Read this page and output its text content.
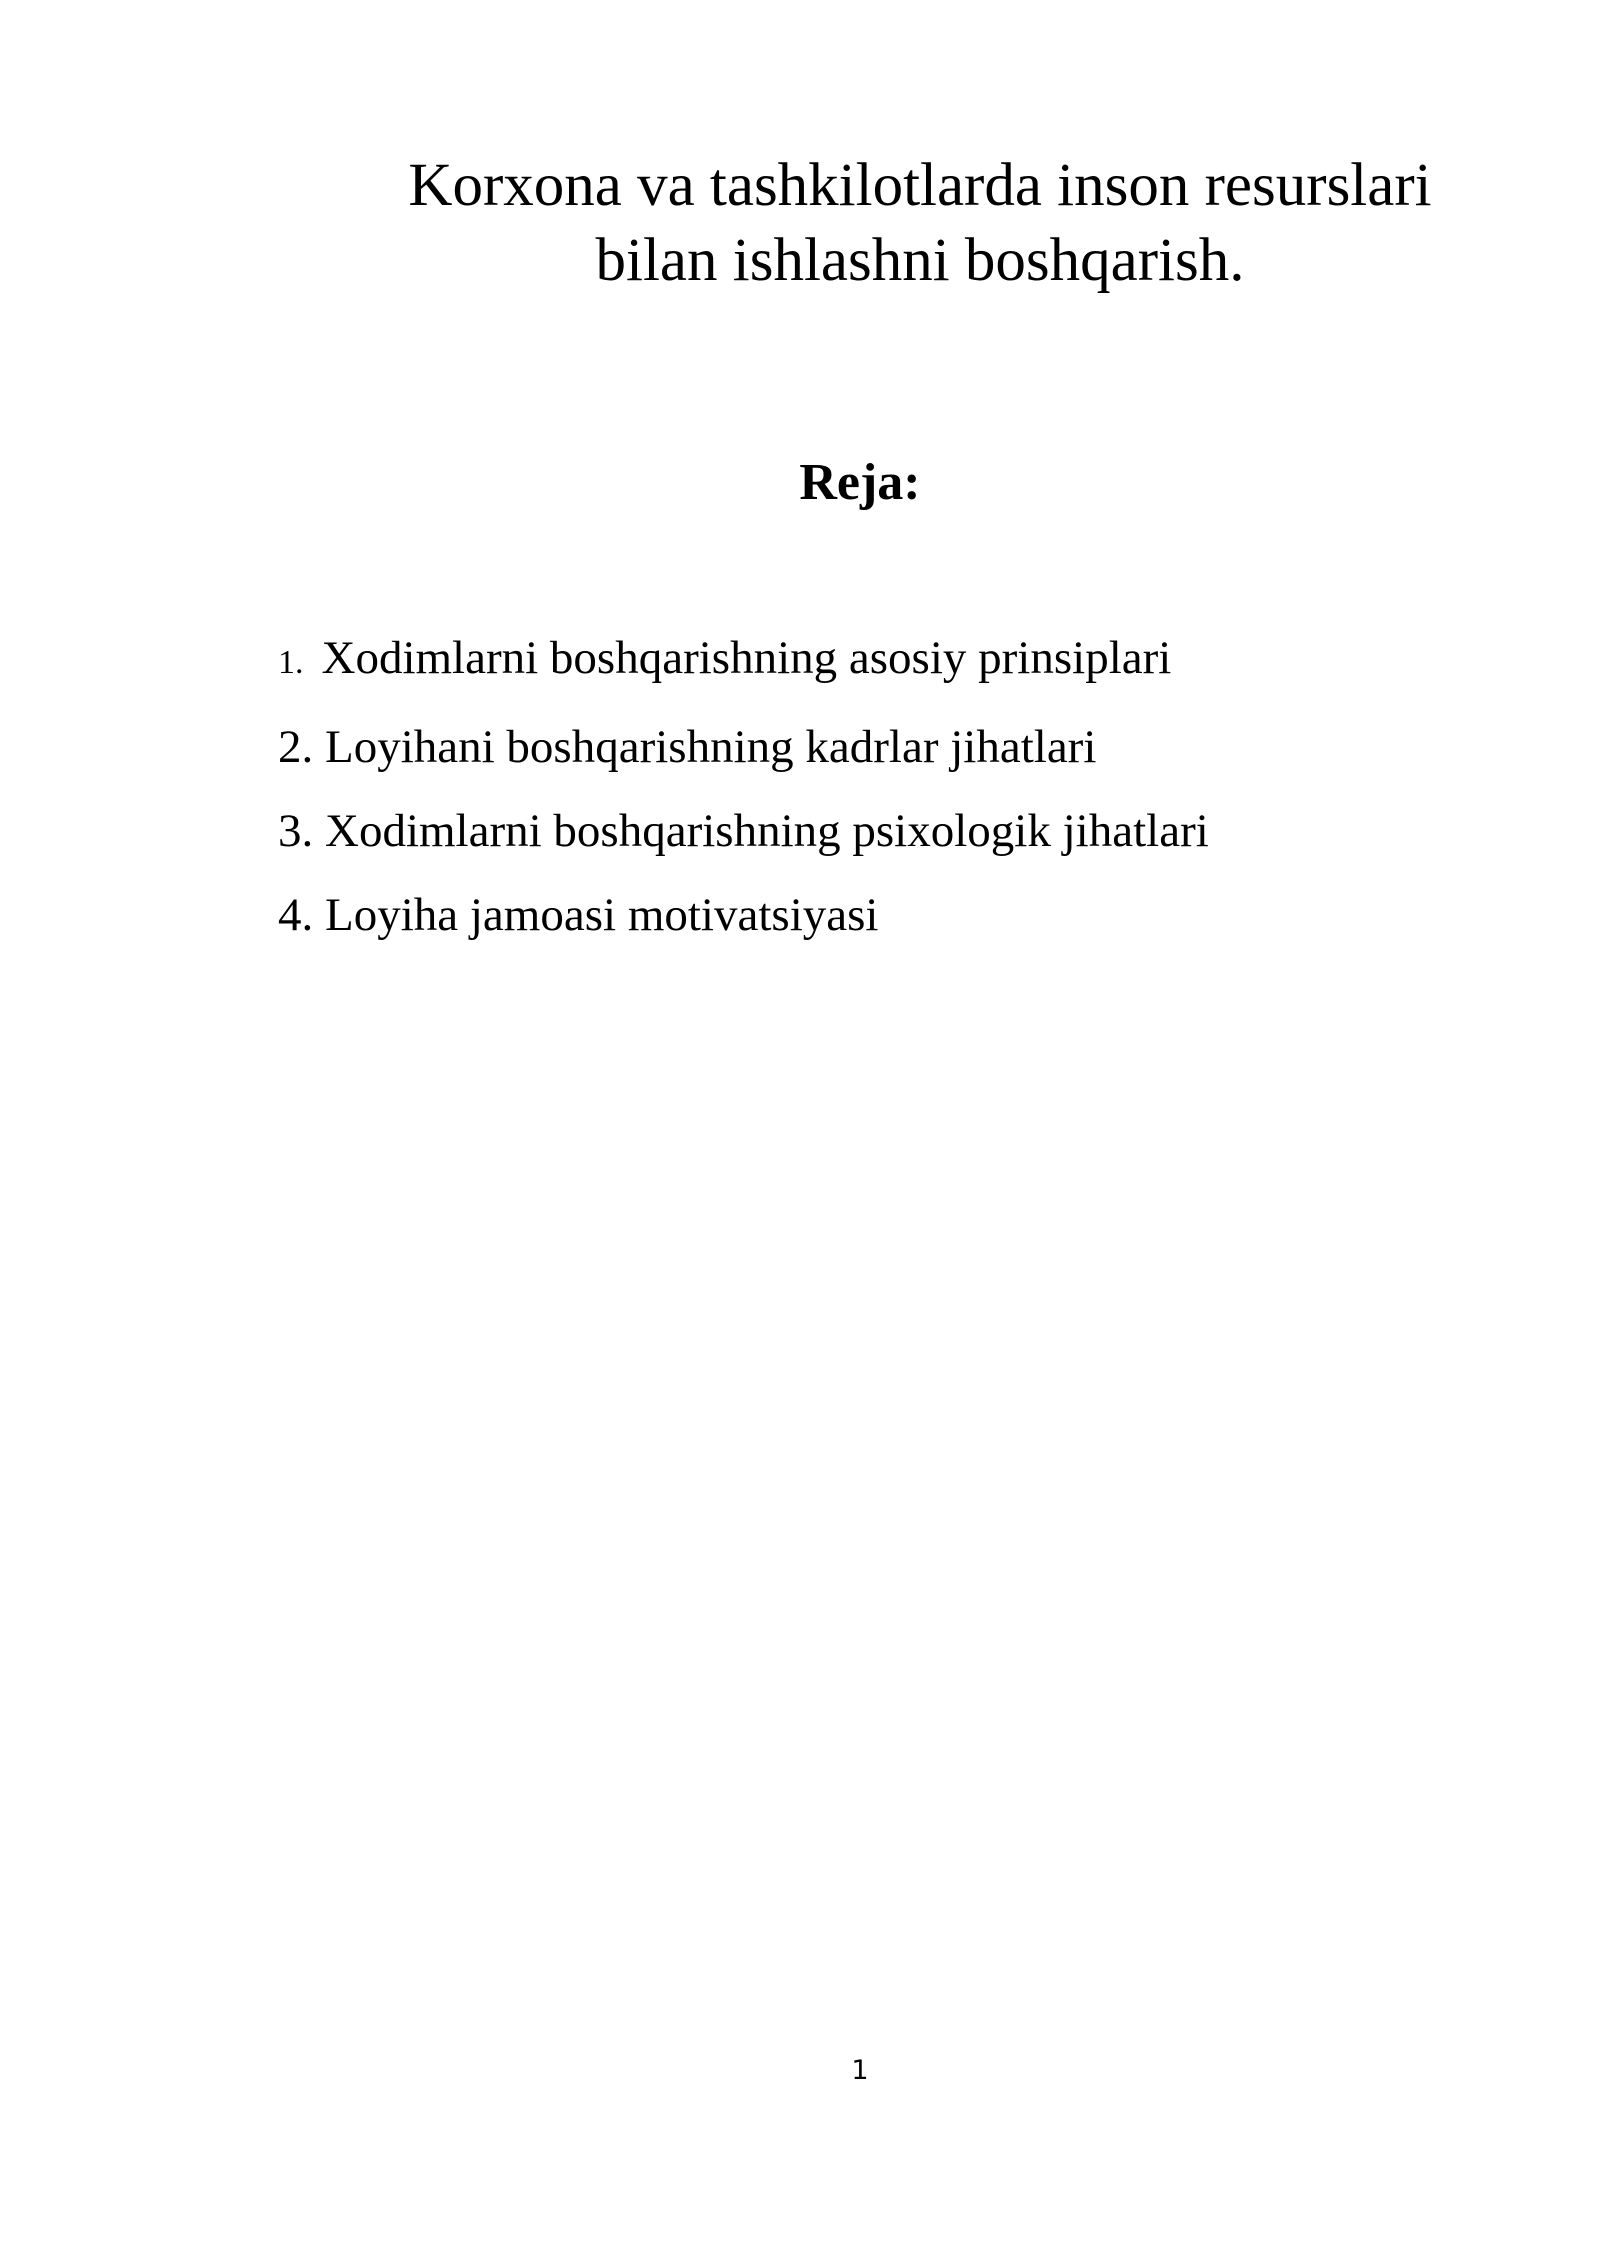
Korxona va tashkilotlarda inson resurslari
bilan ishlashni boshqarish.
Reja:
1. Xodimlarni boshqarishning asosiy prinsiplari
2. Loyihani boshqarishning kadrlar jihatlari
3. Xodimlarni boshqarishning psixologik jihatlari
4. Loyiha jamoasi motivatsiyasi
1
